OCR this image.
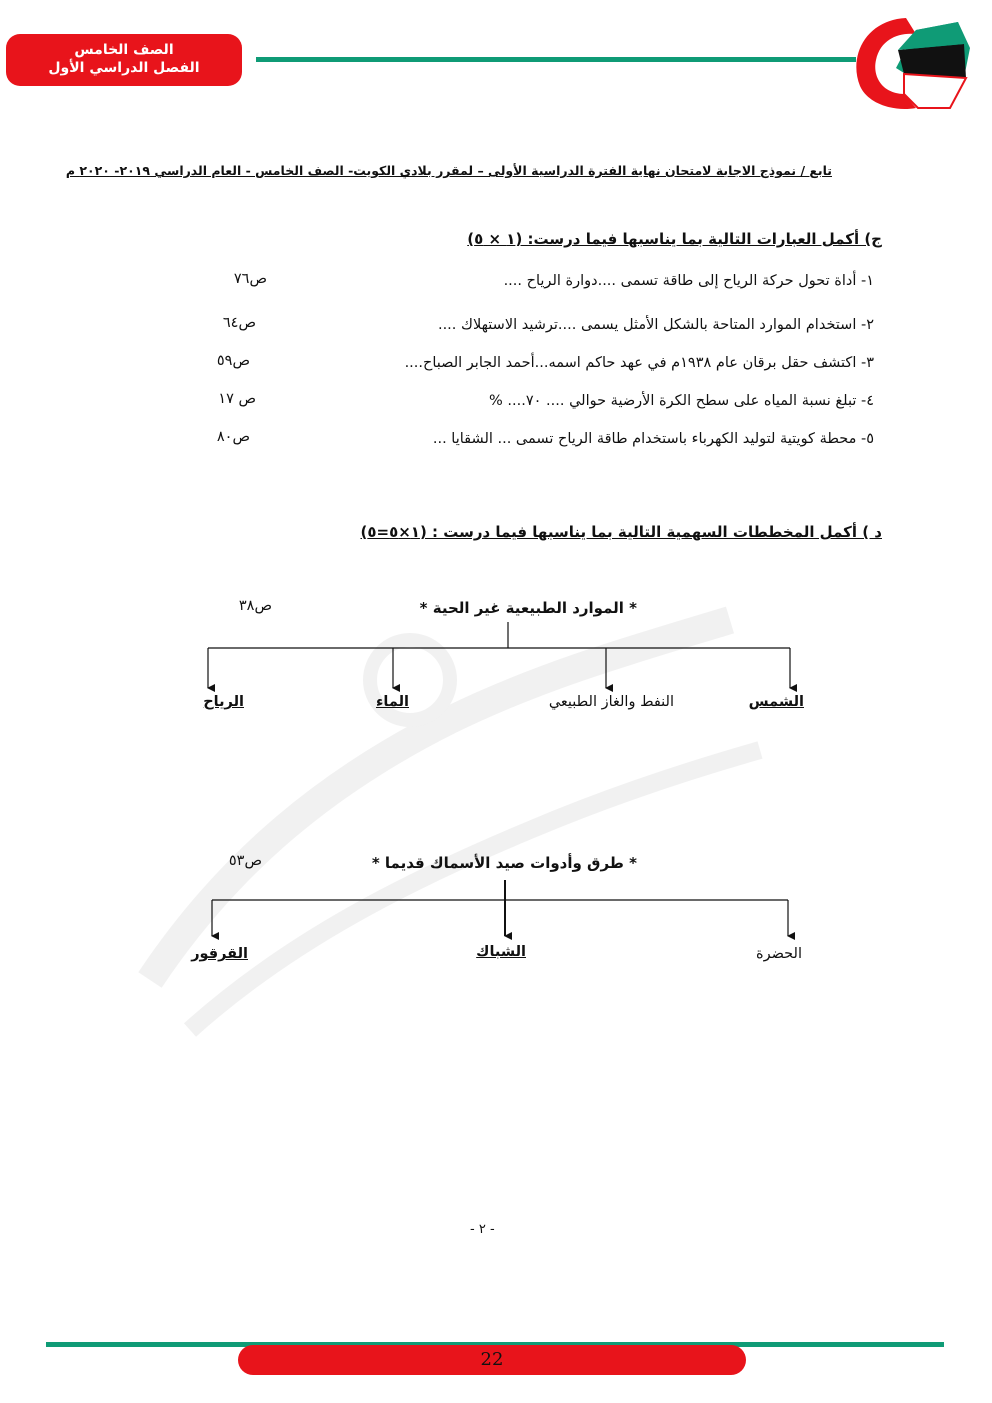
الصف الخامس
الفصل الدراسي الأول
تابع / نموذج الاجابة لامتحان نهاية الفترة الدراسية الأولى – لمقرر بلادي الكويت- الصف الخامس - العام الدراسي ٢٠١٩- ٢٠٢٠ م
ج) أكمل العبارات التالية بما يناسبها فيما درست: (١ × ٥)
١- أداة تحول حركة الرياح إلى طاقة تسمى ....دوارة الرياح ....
ص٧٦
٢- استخدام الموارد المتاحة بالشكل الأمثل يسمى ....ترشيد الاستهلاك ....
ص٦٤
٣- اكتشف حقل برقان عام ١٩٣٨م في عهد حاكم اسمه...أحمد الجابر الصباح....
ص٥٩
٤- تبلغ نسبة المياه على سطح الكرة الأرضية حوالي .... ٧٠.... %
ص ١٧
٥- محطة كويتية لتوليد الكهرباء باستخدام طاقة الرياح تسمى ... الشقايا ...
ص٨٠
د ) أكمل المخططات السهمية التالية بما يناسبها فيما درست : (١×٥=٥)
* الموارد الطبيعية غير الحية *
ص٣٨
الشمس
النفط والغاز الطبيعي
الماء
الرياح
* طرق وأدوات صيد الأسماك قديما *
ص٥٣
الحضرة
الشباك
القرقور
- ٢ -
22
